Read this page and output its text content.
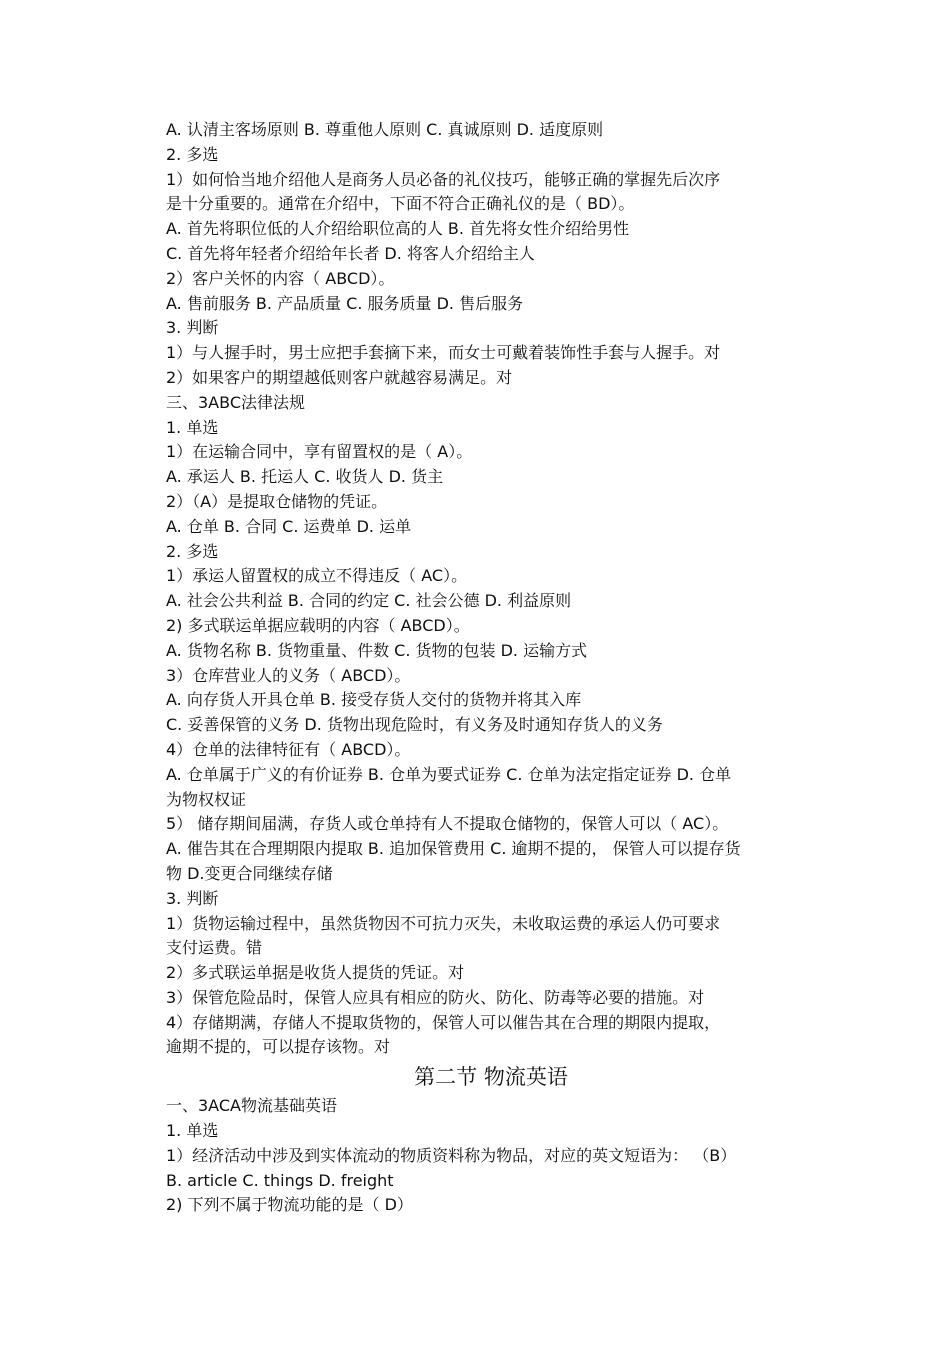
A. 认清主客场原则 B. 尊重他人原则 C. 真诚原则 D. 适度原则
2. 多选
1）如何恰当地介绍他人是商务人员必备的礼仪技巧，能够正确的掌握先后次序
是十分重要的。通常在介绍中，下面不符合正确礼仪的是（ BD）。
A. 首先将职位低的人介绍给职位高的人 B. 首先将女性介绍给男性
C. 首先将年轻者介绍给年长者 D. 将客人介绍给主人
2）客户关怀的内容（ ABCD）。
A. 售前服务 B. 产品质量 C. 服务质量 D. 售后服务
3. 判断
1）与人握手时，男士应把手套摘下来，而女士可戴着装饰性手套与人握手。对
2）如果客户的期望越低则客户就越容易满足。对
三、3ABC法律法规
1. 单选
1）在运输合同中，享有留置权的是（ A）。
A. 承运人 B. 托运人 C. 收货人 D. 货主
2）（A）是提取仓储物的凭证。
A. 仓单 B. 合同 C. 运费单 D. 运单
2. 多选
1）承运人留置权的成立不得违反（ AC）。
A. 社会公共利益 B. 合同的约定 C. 社会公德 D. 利益原则
2) 多式联运单据应载明的内容（ ABCD）。
A. 货物名称 B. 货物重量、件数 C. 货物的包装 D. 运输方式
3）仓库营业人的义务（ ABCD）。
A. 向存货人开具仓单 B. 接受存货人交付的货物并将其入库
C. 妥善保管的义务 D. 货物出现危险时，有义务及时通知存货人的义务
4）仓单的法律特征有（ ABCD）。
A. 仓单属于广义的有价证券 B. 仓单为要式证券 C. 仓单为法定指定证券 D. 仓单
为物权权证
5） 储存期间届满，存货人或仓单持有人不提取仓储物的，保管人可以（ AC）。
A. 催告其在合理期限内提取 B. 追加保管费用 C. 逾期不提的， 保管人可以提存货
物 D.变更合同继续存储
3. 判断
1）货物运输过程中，虽然货物因不可抗力灭失，未收取运费的承运人仍可要求
支付运费。错
2）多式联运单据是收货人提货的凭证。对
3）保管危险品时，保管人应具有相应的防火、防化、防毒等必要的措施。对
4）存储期满，存储人不提取货物的，保管人可以催告其在合理的期限内提取，
逾期不提的，可以提存该物。对
第二节 物流英语
一、3ACA物流基础英语
1. 单选
1）经济活动中涉及到实体流动的物质资料称为物品，对应的英文短语为： （B）
B. article C. things D. freight
2) 下列不属于物流功能的是（ D）
